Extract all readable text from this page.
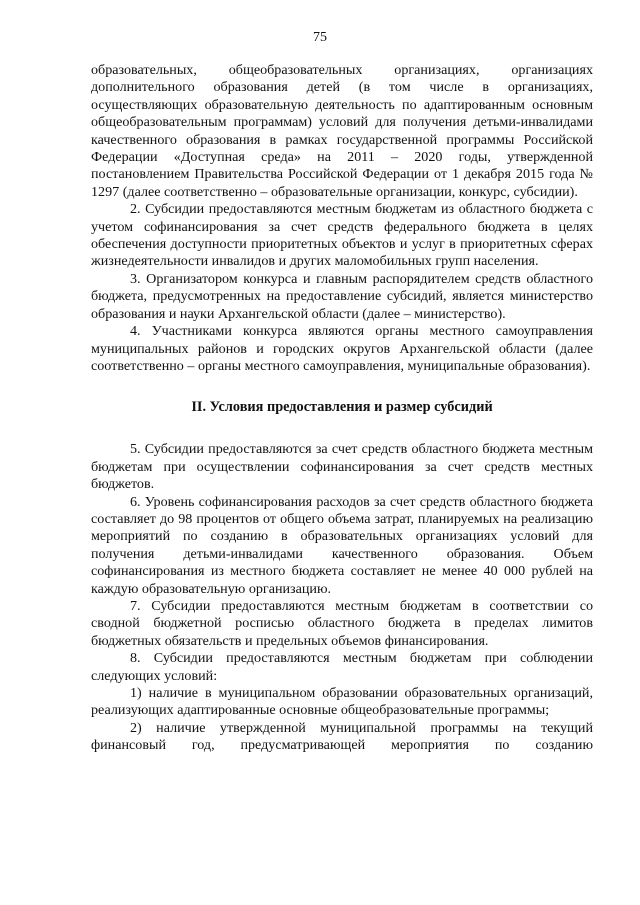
75

образовательных, общеобразовательных организациях, организациях дополнительного образования детей (в том числе в организациях, осуществляющих образовательную деятельность по адаптированным основным общеобразовательным программам) условий для получения детьми-инвалидами качественного образования в рамках государственной программы Российской Федерации «Доступная среда» на 2011 – 2020 годы, утвержденной постановлением Правительства Российской Федерации от 1 декабря 2015 года № 1297 (далее соответственно – образовательные организации, конкурс, субсидии).

2. Субсидии предоставляются местным бюджетам из областного бюджета с учетом софинансирования за счет средств федерального бюджета в целях обеспечения доступности приоритетных объектов и услуг в приоритетных сферах жизнедеятельности инвалидов и других маломобильных групп населения.

3. Организатором конкурса и главным распорядителем средств областного бюджета, предусмотренных на предоставление субсидий, является министерство образования и науки Архангельской области (далее – министерство).

4. Участниками конкурса являются органы местного самоуправления муниципальных районов и городских округов Архангельской области (далее соответственно – органы местного самоуправления, муниципальные образования).

II. Условия предоставления и размер субсидий

5. Субсидии предоставляются за счет средств областного бюджета местным бюджетам при осуществлении софинансирования за счет средств местных бюджетов.

6. Уровень софинансирования расходов за счет средств областного бюджета составляет до 98 процентов от общего объема затрат, планируемых на реализацию мероприятий по созданию в образовательных организациях условий для получения детьми-инвалидами качественного образования. Объем софинансирования из местного бюджета составляет не менее 40 000 рублей на каждую образовательную организацию.

7. Субсидии предоставляются местным бюджетам в соответствии со сводной бюджетной росписью областного бюджета в пределах лимитов бюджетных обязательств и предельных объемов финансирования.

8. Субсидии предоставляются местным бюджетам при соблюдении следующих условий:

1) наличие в муниципальном образовании образовательных организаций, реализующих адаптированные основные общеобразовательные программы;

2) наличие утвержденной муниципальной программы на текущий финансовый год, предусматривающей мероприятия по созданию
